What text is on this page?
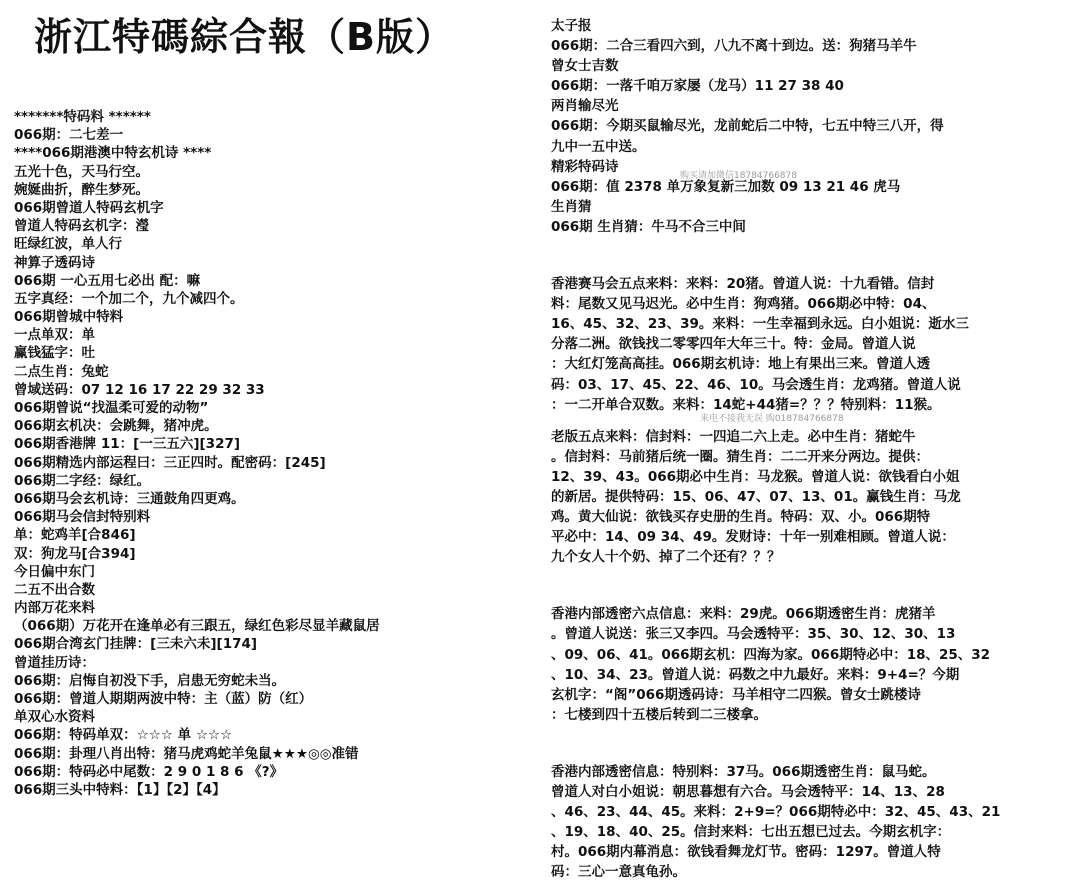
浙江特碼綜合報（B版）
*******特码料 ******
066期：二七差一
****066期港澳中特玄机诗 ****
五光十色，天马行空。
婉娫曲折，醉生梦死。
066期曾道人特码玄机字
曾道人特码玄机字：瀅
旺绿红波，单人行
神算子透码诗
066期 一心五用七必出 配：嘛
五字真经：一个加二个，九个减四个。
066期曾城中特料
一点单双：单
赢钱猛字：吐
二点生肖：兔蛇
曾域送码：07 12 16 17 22 29 32 33
066期曾说“找温柔可爱的动物”
066期玄机决：会跳舞，猪冲虎。
066期香港牌 11：[一三五六][327]
066期精选内部运程曰：三正四时。配密码：[245]
066期二字经：绿红。
066期马会玄机诗：三通鼓角四更鸡。
066期马会信封特别料
单：蛇鸡羊[合846]
双：狗龙马[合394]
今日偏中东门
二五不出合数
内部万花来料
（066期）万花开在逢单必有三跟五，绿红色彩尽显羊藏鼠居
066期合湾玄门挂牌：[三未六未][174]
曾道挂历诗：
066期：启悔自初没下手，启患无穷蛇未当。
066期：曾道人期期两波中特：主（蓝）防（红）
单双心水资料
066期：特码单双：☆☆☆ 单 ☆☆☆
066期：卦理八肖出特：猪马虎鸡蛇羊兔鼠★★★◎◎准错
066期：特码必中尾数：2 9 0 1 8 6 《?》
066期三头中特料：【1】【2】【4】
太子报
066期：二合三看四六到，八九不离十到边。送：狗猪马羊牛
曾女士吉数
066期：一落千咱万家屡（龙马）11 27 38 40
两肖输尽光
066期：今期买鼠输尽光，龙前蛇后二中特，七五中特三八开，得
九中一五中送。
精彩特码诗
066期：值 2378 单万象复新三加数 09 13 21 46 虎马
生肖猜
066期 生肖猜：牛马不合三中间
香港赛马会五点来料：来料：20猪。曾道人说：十九看错。信封
料：尾数又见马迟光。必中生肖：狗鸡猪。066期必中特：04、
16、45、32、23、39。来料：一生幸福到永远。白小姐说：逝水三
分落二洲。欲钱找二零零四年大年三十。特：金局。曾道人说
：大红灯笼高高挂。066期玄机诗：地上有果出三来。曾道人透
码：03、17、45、22、46、10。马会透生肖：龙鸡猪。曾道人说
：一二开单合双数。来料：14蛇+44猪=？？？特别料：11猴。
老版五点来料：信封料：一四追二六上走。必中生肖：猪蛇牛
。信封料：马前猪后统一圈。猜生肖：二二开来分两边。提供：
12、39、43。066期必中生肖：马龙猴。曾道人说：欲钱看白小姐
的新居。提供特码：15、06、47、07、13、01。赢钱生肖：马龙
鸡。黄大仙说：欲钱买存史册的生肖。特码：双、小。066期特
平必中：14、09 34、49。发财诗：十年一别难相顾。曾道人说：
九个女人十个奶、掉了二个还有？？？
香港内部透密六点信息：来料：29虎。066期透密生肖：虎猪羊
。曾道人说送：张三又李四。马会透特平：35、30、12、30、13
、09、06、41。066期玄机：四海为家。066期特必中：18、25、32
、10、34、23。曾道人说：码数之中九最好。来料：9+4=？今期
玄机字：“阁”066期透码诗：马羊相守二四猴。曾女士跳楼诗
：七楼到四十五楼后转到二三楼拿。
香港内部透密信息：特别料：37马。066期透密生肖：鼠马蛇。
曾道人对白小姐说：朝思暮想有六合。马会透特平：14、13、28
、46、23、44、45。来料：2+9=？066期特必中：32、45、43、21
、19、18、40、25。信封来料：七出五想已过去。今期玄机字：
村。066期内幕消息：欲钱看舞龙灯节。密码：1297。曾道人特
码：三心一意真龟孙。
购买请加微信18784766878
来电不接我无误 购018784766878
